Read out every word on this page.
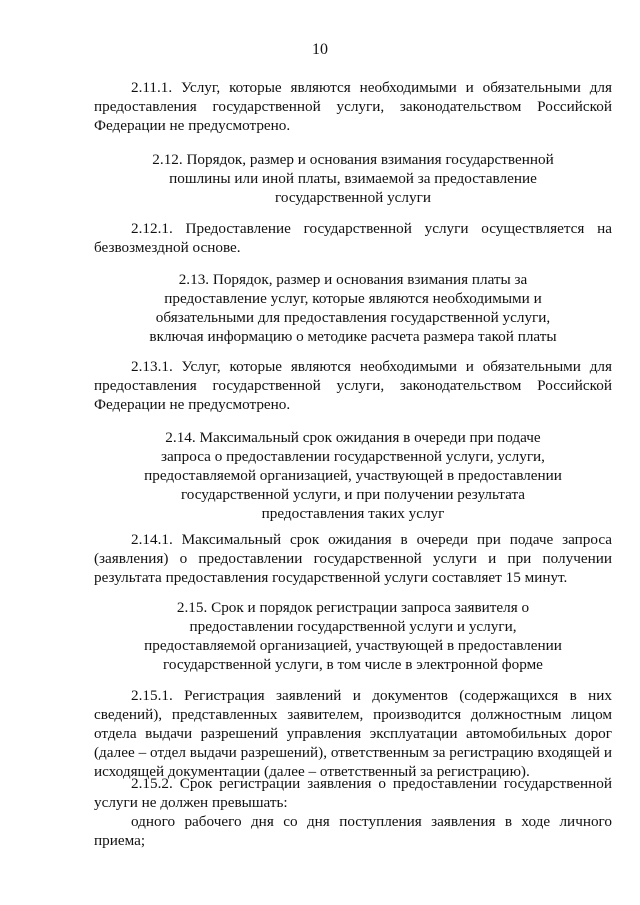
10

2.11.1. Услуг, которые являются необходимыми и обязательными для предоставления государственной услуги, законодательством Российской Федерации не предусмотрено.

2.12. Порядок, размер и основания взимания государственной
пошлины или иной платы, взимаемой за предоставление
государственной услуги

2.12.1. Предоставление государственной услуги осуществляется на безвозмездной основе.

2.13. Порядок, размер и основания взимания платы за
предоставление услуг, которые являются необходимыми и
обязательными для предоставления государственной услуги,
включая информацию о методике расчета размера такой платы

2.13.1. Услуг, которые являются необходимыми и обязательными для предоставления государственной услуги, законодательством Российской Федерации не предусмотрено.

2.14. Максимальный срок ожидания в очереди при подаче
запроса о предоставлении государственной услуги, услуги,
предоставляемой организацией, участвующей в предоставлении
государственной услуги, и при получении результата
предоставления таких услуг

2.14.1. Максимальный срок ожидания в очереди при подаче запроса (заявления) о предоставлении государственной услуги и при получении результата предоставления государственной услуги составляет 15 минут.

2.15. Срок и порядок регистрации запроса заявителя о
предоставлении государственной услуги и услуги,
предоставляемой организацией, участвующей в предоставлении
государственной услуги, в том числе в электронной форме

2.15.1. Регистрация заявлений и документов (содержащихся в них сведений), представленных заявителем, производится должностным лицом отдела выдачи разрешений управления эксплуатации автомобильных дорог (далее – отдел выдачи разрешений), ответственным за регистрацию входящей и исходящей документации (далее – ответственный за регистрацию).

2.15.2. Срок регистрации заявления о предоставлении государственной услуги не должен превышать:

одного рабочего дня со дня поступления заявления в ходе личного приема;
